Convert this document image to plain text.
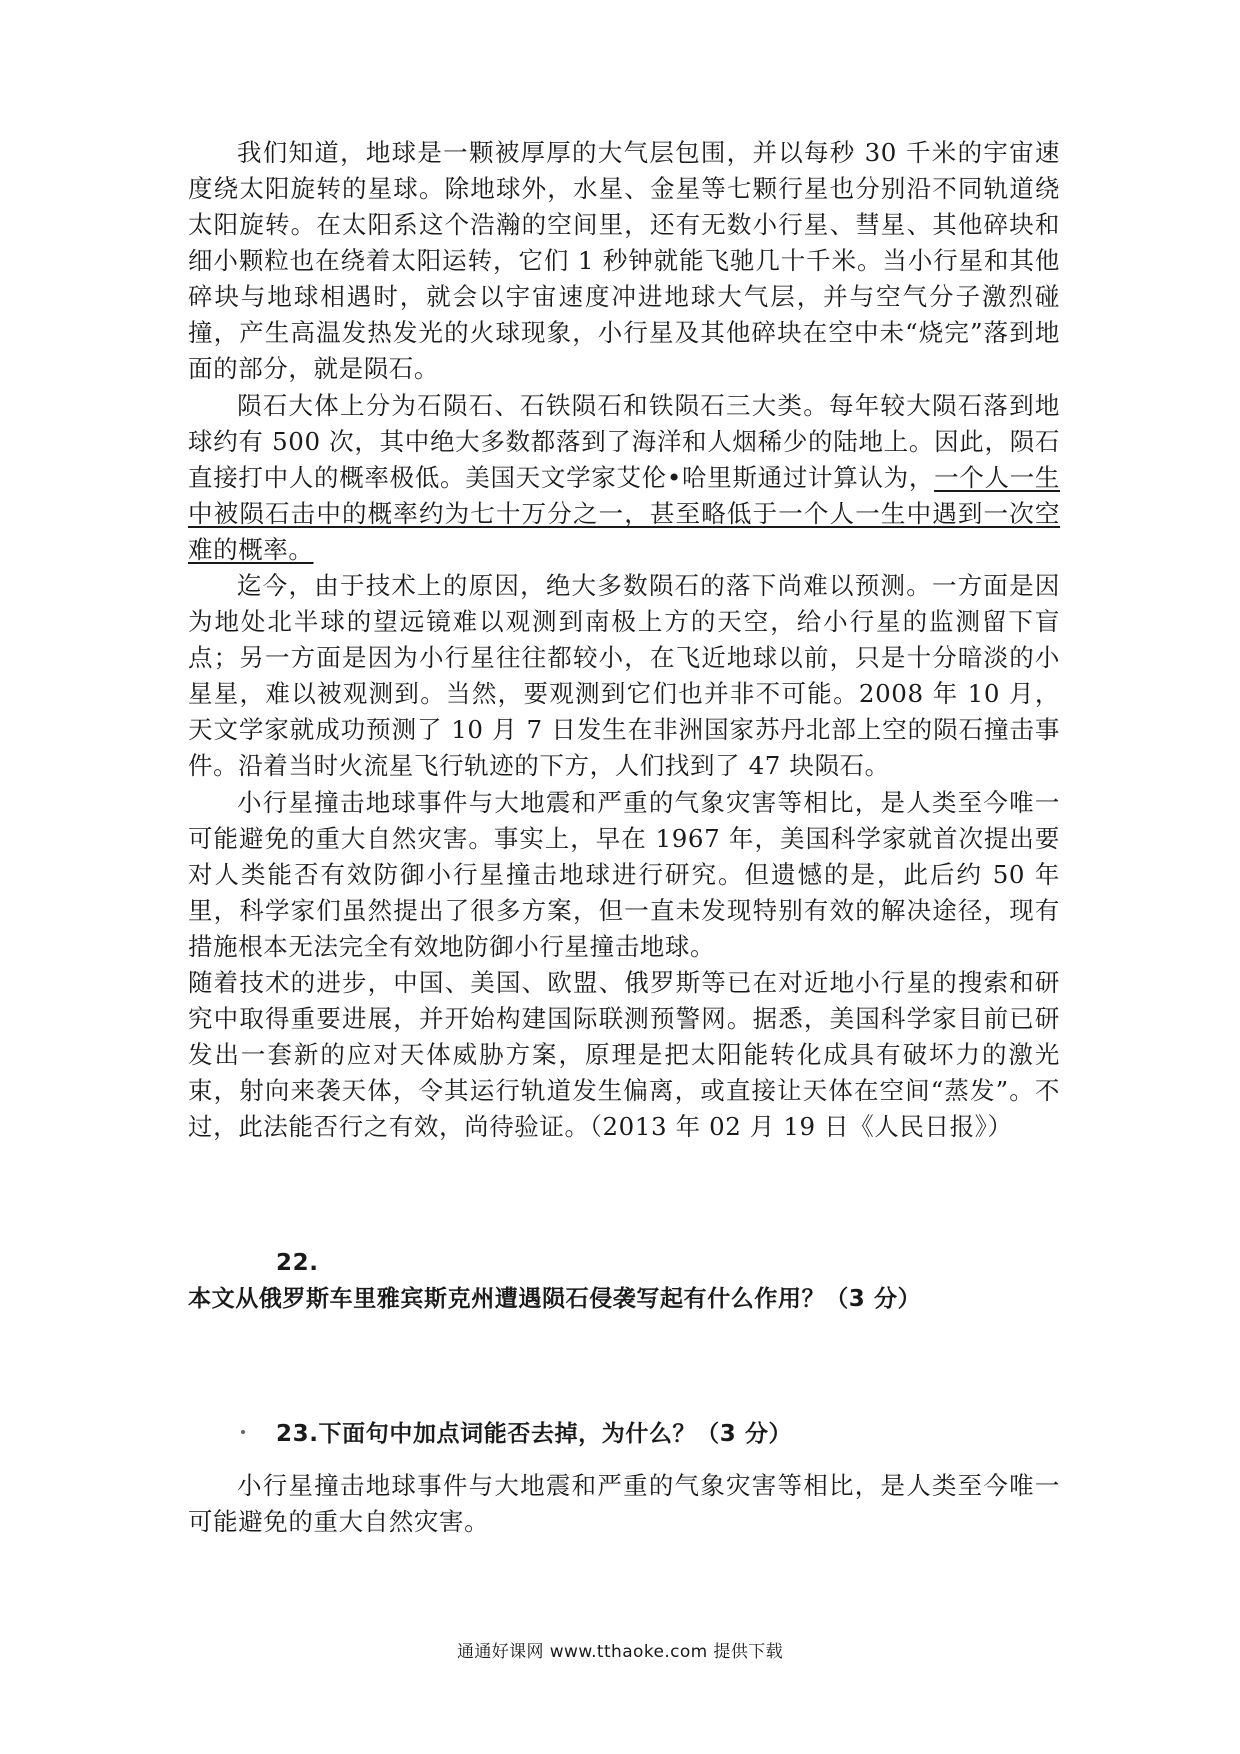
我们知道，地球是一颗被厚厚的大气层包围，并以每秒 30 千米的宇宙速度绕太阳旋转的星球。除地球外，水星、金星等七颗行星也分别沿不同轨道绕太阳旋转。在太阳系这个浩瀚的空间里，还有无数小行星、彗星、其他碎块和细小颗粒也在绕着太阳运转，它们 1 秒钟就能飞驰几十千米。当小行星和其他碎块与地球相遇时，就会以宇宙速度冲进地球大气层，并与空气分子激烈碰撞，产生高温发热发光的火球现象，小行星及其他碎块在空中未“烧完”落到地面的部分，就是陨石。

陨石大体上分为石陨石、石铁陨石和铁陨石三大类。每年较大陨石落到地球约有 500 次，其中绝大多数都落到了海洋和人烟稀少的陆地上。因此，陨石直接打中人的概率极低。美国天文学家艾伦•哈里斯通过计算认为，一个人一生中被陨石击中的概率约为七十万分之一，甚至略低于一个人一生中遇到一次空难的概率。

迄今，由于技术上的原因，绝大多数陨石的落下尚难以预测。一方面是因为地处北半球的望远镜难以观测到南极上方的天空，给小行星的监测留下盲点；另一方面是因为小行星往往都较小，在飞近地球以前，只是十分暗淡的小星星，难以被观测到。当然，要观测到它们也并非不可能。2008 年 10 月，天文学家就成功预测了 10 月 7 日发生在非洲国家苏丹北部上空的陨石撞击事件。沿着当时火流星飞行轨迹的下方，人们找到了 47 块陨石。

小行星撞击地球事件与大地震和严重的气象灾害等相比，是人类至今唯一可能避免的重大自然灾害。事实上，早在 1967 年，美国科学家就首次提出要对人类能否有效防御小行星撞击地球进行研究。但遗憾的是，此后约 50 年里，科学家们虽然提出了很多方案，但一直未发现特别有效的解决途径，现有措施根本无法完全有效地防御小行星撞击地球。

随着技术的进步，中国、美国、欧盟、俄罗斯等已在对近地小行星的搜索和研究中取得重要进展，并开始构建国际联测预警网。据悉，美国科学家目前已研发出一套新的应对天体威胁方案，原理是把太阳能转化成具有破坏力的激光束，射向来袭天体，令其运行轨道发生偏离，或直接让天体在空间“蒸发”。不过，此法能否行之有效，尚待验证。（2013 年 02 月 19 日《人民日报》）

22. 本文从俄罗斯车里雅宾斯克州遭遇陨石侵袭写起有什么作用？（3 分）

23.下面句中加点词能否去掉，为什么？（3 分）

小行星撞击地球事件与大地震和严重的气象灾害等相比，是人类至今唯一可能避免的重大自然灾害。

通通好课网 www.tthaoke.com 提供下载
